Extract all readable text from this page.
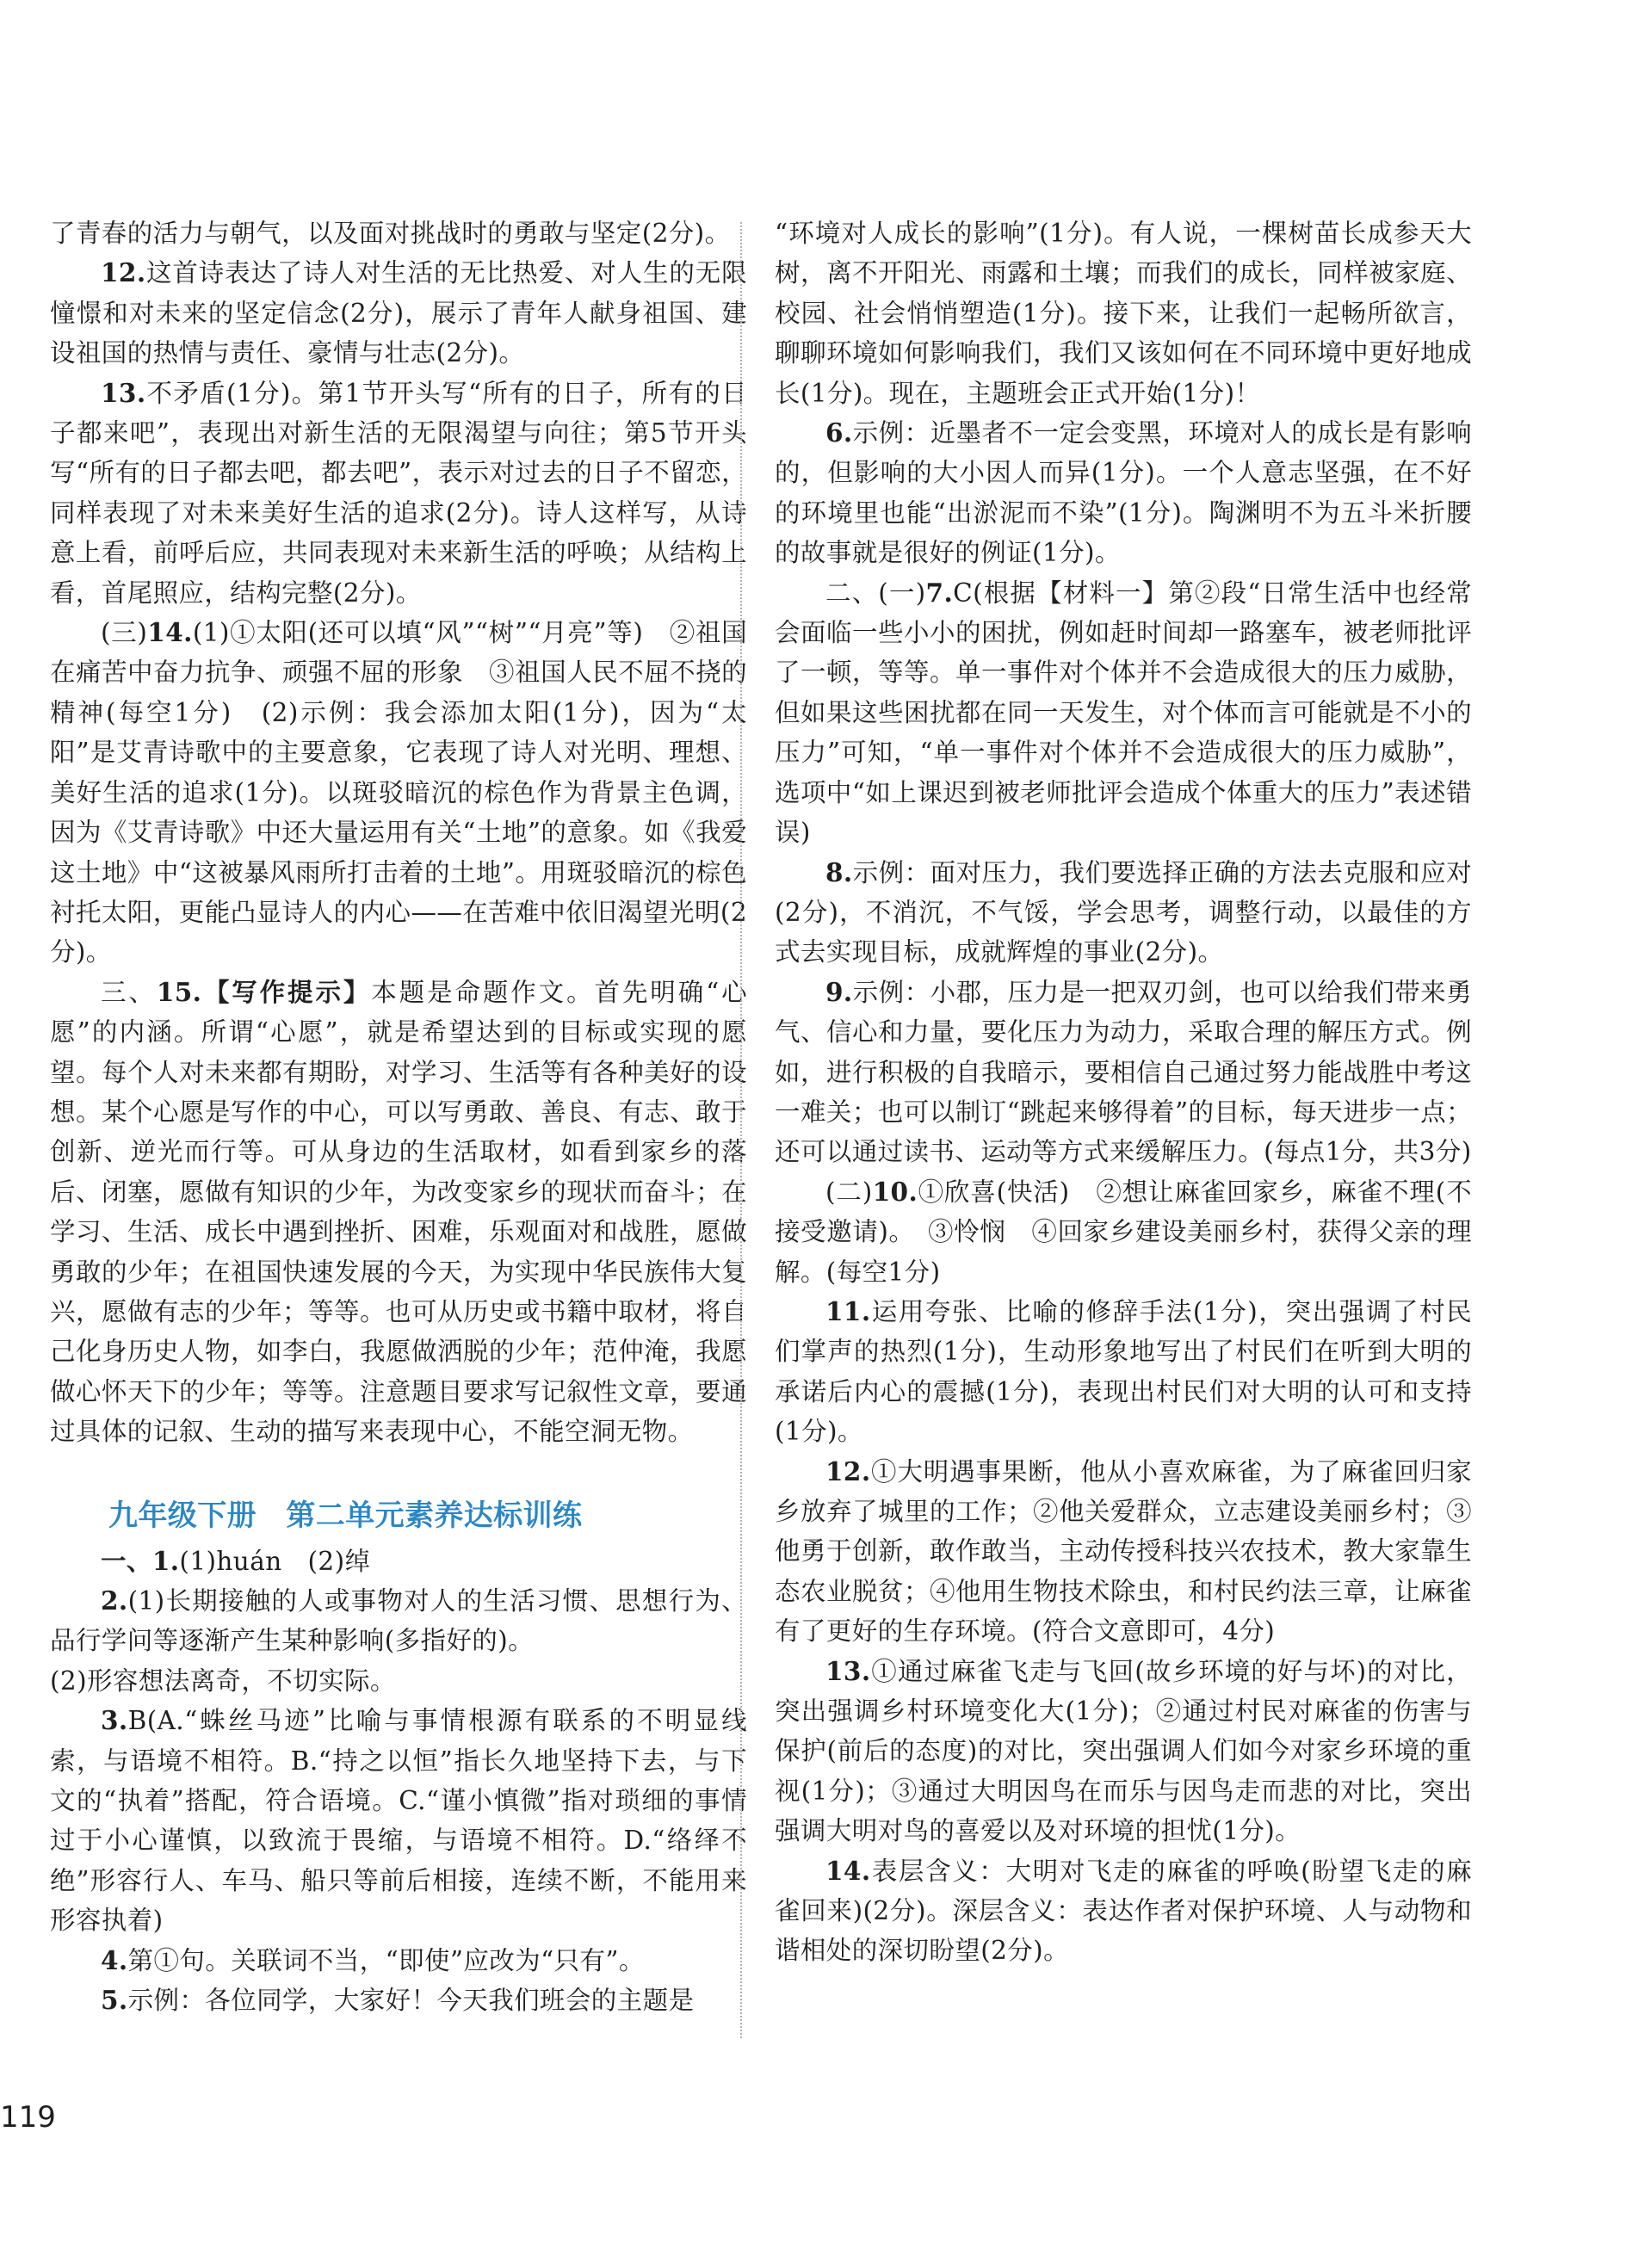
了青春的活力与朝气，以及面对挑战时的勇敢与坚定(2分)。

12.这首诗表达了诗人对生活的无比热爱、对人生的无限憧憬和对未来的坚定信念(2分)，展示了青年人献身祖国、建设祖国的热情与责任、豪情与壮志(2分)。

13.不矛盾(1分)。第1节开头写“所有的日子，所有的日子都来吧”，表现出对新生活的无限渴望与向往；第5节开头写“所有的日子都去吧，都去吧”，表示对过去的日子不留恋，同样表现了对未来美好生活的追求(2分)。诗人这样写，从诗意上看，前呼后应，共同表现对未来新生活的呼唤；从结构上看，首尾照应，结构完整(2分)。

(三)14.(1)①太阳(还可以填“风”“树”“月亮”等)　②祖国在痛苦中奋力抗争、顽强不屈的形象　③祖国人民不屈不挠的精神(每空1分)　(2)示例：我会添加太阳(1分)，因为“太阳”是艾青诗歌中的主要意象，它表现了诗人对光明、理想、美好生活的追求(1分)。以斑驳暗沉的棕色作为背景主色调，因为《艾青诗歌》中还大量运用有关“土地”的意象。如《我爱这土地》中“这被暴风雨所打击着的土地”。用斑驳暗沉的棕色衬托太阳，更能凸显诗人的内心——在苦难中依旧渴望光明(2分)。

三、15.【写作提示】本题是命题作文。首先明确“心愿”的内涵。所谓“心愿”，就是希望达到的目标或实现的愿望。每个人对未来都有期盼，对学习、生活等有各种美好的设想。某个心愿是写作的中心，可以写勇敢、善良、有志、敢于创新、逆光而行等。可从身边的生活取材，如看到家乡的落后、闭塞，愿做有知识的少年，为改变家乡的现状而奋斗；在学习、生活、成长中遇到挫折、困难，乐观面对和战胜，愿做勇敢的少年；在祖国快速发展的今天，为实现中华民族伟大复兴，愿做有志的少年；等等。也可从历史或书籍中取材，将自己化身历史人物，如李白，我愿做洒脱的少年；范仲淹，我愿做心怀天下的少年；等等。注意题目要求写记叙性文章，要通过具体的记叙、生动的描写来表现中心，不能空洞无物。

九年级下册　第二单元素养达标训练

一、1.(1)huán　(2)绰

2.(1)长期接触的人或事物对人的生活习惯、思想行为、品行学问等逐渐产生某种影响(多指好的)。

(2)形容想法离奇，不切实际。

3.B(A.“蛛丝马迹”比喻与事情根源有联系的不明显线索，与语境不相符。B.“持之以恒”指长久地坚持下去，与下文的“执着”搭配，符合语境。C.“谨小慎微”指对琐细的事情过于小心谨慎，以致流于畏缩，与语境不相符。D.“络绎不绝”形容行人、车马、船只等前后相接，连续不断，不能用来形容执着)

4.第①句。关联词不当，“即使”应改为“只有”。

5.示例：各位同学，大家好！今天我们班会的主题是

“环境对人成长的影响”(1分)。有人说，一棵树苗长成参天大树，离不开阳光、雨露和土壤；而我们的成长，同样被家庭、校园、社会悄悄塑造(1分)。接下来，让我们一起畅所欲言，聊聊环境如何影响我们，我们又该如何在不同环境中更好地成长(1分)。现在，主题班会正式开始(1分)！

6.示例：近墨者不一定会变黑，环境对人的成长是有影响的，但影响的大小因人而异(1分)。一个人意志坚强，在不好的环境里也能“出淤泥而不染”(1分)。陶渊明不为五斗米折腰的故事就是很好的例证(1分)。

二、(一)7.C(根据【材料一】第②段“日常生活中也经常会面临一些小小的困扰，例如赶时间却一路塞车，被老师批评了一顿，等等。单一事件对个体并不会造成很大的压力威胁，但如果这些困扰都在同一天发生，对个体而言可能就是不小的压力”可知，“单一事件对个体并不会造成很大的压力威胁”，选项中“如上课迟到被老师批评会造成个体重大的压力”表述错误)

8.示例：面对压力，我们要选择正确的方法去克服和应对(2分)，不消沉，不气馁，学会思考，调整行动，以最佳的方式去实现目标，成就辉煌的事业(2分)。

9.示例：小郡，压力是一把双刃剑，也可以给我们带来勇气、信心和力量，要化压力为动力，采取合理的解压方式。例如，进行积极的自我暗示，要相信自己通过努力能战胜中考这一难关；也可以制订“跳起来够得着”的目标，每天进步一点；还可以通过读书、运动等方式来缓解压力。(每点1分，共3分)

(二)10.①欣喜(快活)　②想让麻雀回家乡，麻雀不理(不接受邀请)。　③怜悯　④回家乡建设美丽乡村，获得父亲的理解。(每空1分)

11.运用夸张、比喻的修辞手法(1分)，突出强调了村民们掌声的热烈(1分)，生动形象地写出了村民们在听到大明的承诺后内心的震撼(1分)，表现出村民们对大明的认可和支持(1分)。

12.①大明遇事果断，他从小喜欢麻雀，为了麻雀回归家乡放弃了城里的工作；②他关爱群众，立志建设美丽乡村；③他勇于创新，敢作敢当，主动传授科技兴农技术，教大家靠生态农业脱贫；④他用生物技术除虫，和村民约法三章，让麻雀有了更好的生存环境。(符合文意即可，4分)

13.①通过麻雀飞走与飞回(故乡环境的好与坏)的对比，突出强调乡村环境变化大(1分)；②通过村民对麻雀的伤害与保护(前后的态度)的对比，突出强调人们如今对家乡环境的重视(1分)；③通过大明因鸟在而乐与因鸟走而悲的对比，突出强调大明对鸟的喜爱以及对环境的担忧(1分)。

14.表层含义：大明对飞走的麻雀的呼唤(盼望飞走的麻雀回来)(2分)。深层含义：表达作者对保护环境、人与动物和谐相处的深切盼望(2分)。

119
